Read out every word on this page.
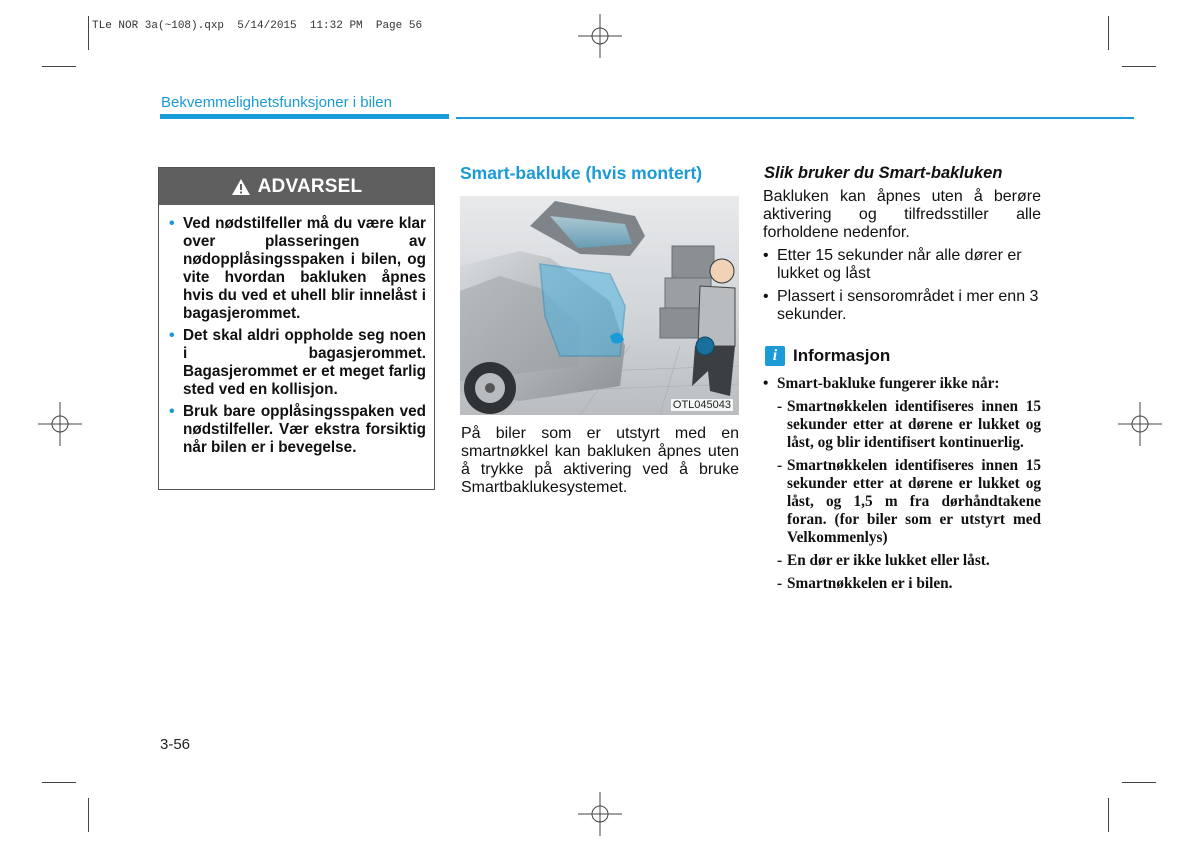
TLe NOR 3a(~108).qxp  5/14/2015  11:32 PM  Page 56
Bekvemmelighetsfunksjoner i bilen
ADVARSEL
• Ved nødstilfeller må du være klar over plasseringen av nødopplåsingsspaken i bilen, og vite hvordan bakluken åpnes hvis du ved et uhell blir innelåst i bagasjerommet.
• Det skal aldri oppholde seg noen i bagasjerommet. Bagasjerommet er et meget farlig sted ved en kollisjon.
• Bruk bare opplåsingsspaken ved nødstilfeller. Vær ekstra forsiktig når bilen er i bevegelse.
Smart-bakluke (hvis montert)
OTL045043
På biler som er utstyrt med en smartnøkkel kan bakluken åpnes uten å trykke på aktivering ved å bruke Smartbaklukesystemet.
Slik bruker du Smart-bakluken
Bakluken kan åpnes uten å berøre aktivering og tilfredsstiller alle forholdene nedenfor.
• Etter 15 sekunder når alle dører er lukket og låst
• Plassert i sensorområdet i mer enn 3 sekunder.
i Informasjon
• Smart-bakluke fungerer ikke når:
- Smartnøkkelen identifiseres innen 15 sekunder etter at dørene er lukket og låst, og blir identifisert kontinuerlig.
- Smartnøkkelen identifiseres innen 15 sekunder etter at dørene er lukket og låst, og 1,5 m fra dørhåndtakene foran. (for biler som er utstyrt med Velkommenlys)
- En dør er ikke lukket eller låst.
- Smartnøkkelen er i bilen.
3-56
